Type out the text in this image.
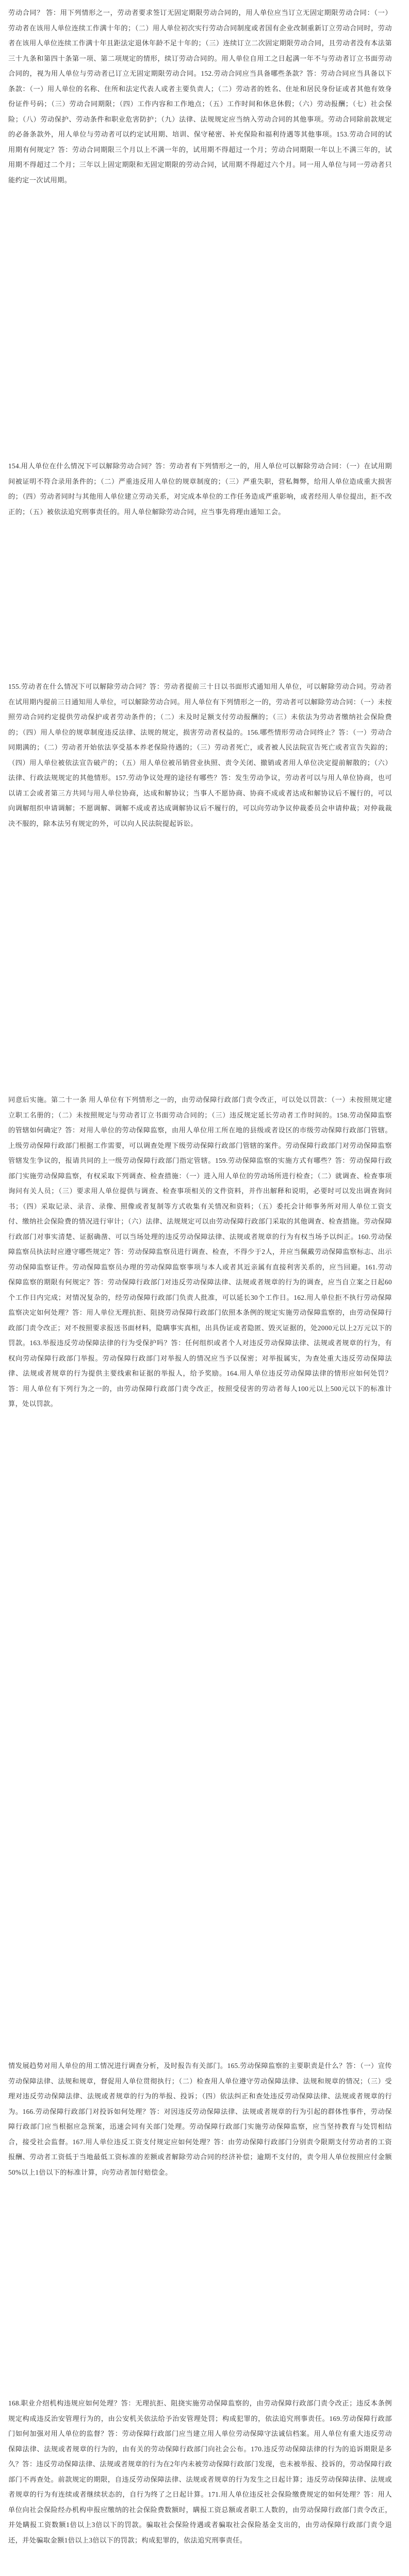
劳动合同？ 答：用下列情形之一，劳动者要求签订无固定期限劳动合同的，用人单位应当订立无固定期限劳动合同：（一）劳动者在该用人单位连续工作满十年的；（二）用人单位初次实行劳动合同制度或者国有企业改制重新订立劳动合同时，劳动者在该用人单位连续工作满十年且距法定退休年龄不足十年的；（三）连续订立二次固定期限劳动合同，且劳动者没有本法第三十九条和第四十条第一项、第二项规定的情形，续订劳动合同的。用人单位自用工之日起满一年不与劳动者订立书面劳动合同的，视为用人单位与劳动者已订立无固定期限劳动合同。152.劳动合同应当具备哪些条款？答：劳动合同应当具备以下条款：（一）用人单位的名称、住所和法定代表人或者主要负责人；（二）劳动者的姓名、住址和居民身份证或者其他有效身份证件号码；（三）劳动合同期限；（四）工作内容和工作地点；（五）工作时间和休息休假；（六）劳动报酬；（七）社会保险；（八）劳动保护、劳动条件和职业危害防护；（九）法律、法规规定应当纳入劳动合同的其他事项。劳动合同除前款规定的必备条款外，用人单位与劳动者可以约定试用期、培训、保守秘密、补充保险和福利待遇等其他事项。153.劳动合同的试用期有何规定？答：劳动合同期限三个月以上不满一年的，试用期不得超过一个月；劳动合同期限一年以上不满三年的，试用期不得超过二个月；三年以上固定期限和无固定期限的劳动合同，试用期不得超过六个月。同一用人单位与同一劳动者只能约定一次试用期。
154.用人单位在什么情况下可以解除劳动合同？答：劳动者有下列情形之一的，用人单位可以解除劳动合同：（一）在试用期间被证明不符合录用条件的；（二）严重违反用人单位的规章制度的；（三）严重失职，营私舞弊，给用人单位造成重大损害的；（四）劳动者同时与其他用人单位建立劳动关系，对完成本单位的工作任务造成严重影响，或者经用人单位提出，拒不改正的；（五）被依法追究刑事责任的。用人单位解除劳动合同，应当事先将理由通知工会。
155.劳动者在什么情况下可以解除劳动合同？答：劳动者提前三十日以书面形式通知用人单位，可以解除劳动合同。劳动者在试用期内提前三日通知用人单位，可以解除劳动合同。用人单位有下列情形之一的，劳动者可以解除劳动合同：（一）未按照劳动合同约定提供劳动保护或者劳动条件的；（二）未及时足额支付劳动报酬的；（三）未依法为劳动者缴纳社会保险费的；（四）用人单位的规章制度违反法律、法规的规定，损害劳动者权益的。156.哪些情形劳动合同终止？答：（一）劳动合同期满的；（二）劳动者开始依法享受基本养老保险待遇的；（三）劳动者死亡，或者被人民法院宣告死亡或者宣告失踪的；（四）用人单位被依法宣告破产的；（五）用人单位被吊销营业执照、责令关闭、撤销或者用人单位决定提前解散的；（六）法律、行政法规规定的其他情形。157.劳动争议处理的途径有哪些？答：发生劳动争议，劳动者可以与用人单位协商，也可以请工会或者第三方共同与用人单位协商，达成和解协议；当事人不愿协商、协商不成或者达成和解协议后不履行的，可以向调解组织申请调解；不愿调解、调解不成或者达成调解协议后不履行的，可以向劳动争议仲裁委员会申请仲裁；对仲裁裁决不服的，除本法另有规定的外，可以向人民法院提起诉讼。
同意后实施。第二十一条 用人单位有下列情形之一的，由劳动保障行政部门责令改正，可以处以罚款：（一）未按照规定建立职工名册的；（二）未按照规定与劳动者订立书面劳动合同的；（三）违反规定延长劳动者工作时间的。158.劳动保障监察的管辖如何确定？答：对用人单位的劳动保障监察，由用人单位用工所在地的县级或者设区的市级劳动保障行政部门管辖。上级劳动保障行政部门根据工作需要，可以调查处理下级劳动保障行政部门管辖的案件。劳动保障行政部门对劳动保障监察管辖发生争议的，报请共同的上一级劳动保障行政部门指定管辖。159.劳动保障监察的实施方式有哪些？答：劳动保障行政部门实施劳动保障监察，有权采取下列调查、检查措施：（一）进入用人单位的劳动场所进行检查；（二）就调查、检查事项询问有关人员；（三）要求用人单位提供与调查、检查事项相关的文件资料，并作出解释和说明，必要时可以发出调查询问书；（四）采取记录、录音、录像、照像或者复制等方式收集有关情况和资料；（五）委托会计师事务所对用人单位工资支付、缴纳社会保险费的情况进行审计；（六）法律、法规规定可以由劳动保障行政部门采取的其他调查、检查措施。劳动保障行政部门对事实清楚、证据确凿、可以当场处理的违反劳动保障法律、法规或者规章的行为有权当场予以纠正。160.劳动保障监察员执法时应遵守哪些规定？答：劳动保障监察员进行调查、检查，不得少于2人，并应当佩戴劳动保障监察标志、出示劳动保障监察证件。劳动保障监察员办理的劳动保障监察事项与本人或者其近亲属有直接利害关系的，应当回避。161.劳动保障监察的期限有何规定？答：劳动保障行政部门对违反劳动保障法律、法规或者规章的行为的调查，应当自立案之日起60个工作日内完成；对情况复杂的，经劳动保障行政部门负责人批准，可以延长30个工作日。162.用人单位拒不执行劳动保障监察决定如何处理？答：用人单位无理抗拒、阻挠劳动保障行政部门依照本条例的规定实施劳动保障监察的，由劳动保障行政部门责令改正；对不按照要求报送书面材料，隐瞒事实真相，出具伪证或者隐匿、毁灭证据的，处2000元以上2万元以下的罚款。163.举报违反劳动保障法律的行为受保护吗？答：任何组织或者个人对违反劳动保障法律、法规或者规章的行为，有权向劳动保障行政部门举报。劳动保障行政部门对举报人的情况应当予以保密；对举报属实，为查处重大违反劳动保障法律、法规或者规章的行为提供主要线索和证据的举报人，给予奖励。164.用人单位违反劳动保障法律的情形应如何处罚？答：用人单位有下列行为之一的，由劳动保障行政部门责令改正，按照受侵害的劳动者每人100元以上500元以下的标准计算，处以罚款。
情发展趋势对用人单位的用工情况进行调查分析，及时报告有关部门。165.劳动保障监察的主要职责是什么？答：（一）宣传劳动保障法律、法规和规章，督促用人单位贯彻执行；（二）检查用人单位遵守劳动保障法律、法规和规章的情况；（三）受理对违反劳动保障法律、法规或者规章的行为的举报、投诉；（四）依法纠正和查处违反劳动保障法律、法规或者规章的行为。166.劳动保障行政部门对投诉如何处理？答：对因违反劳动保障法律、法规或者规章的行为引起的群体性事件，劳动保障行政部门应当根据应急预案，迅速会同有关部门处理。劳动保障行政部门实施劳动保障监察，应当坚持教育与处罚相结合，接受社会监督。167.用人单位违反工资支付规定应如何处理？答：由劳动保障行政部门分别责令限期支付劳动者的工资报酬、劳动者工资低于当地最低工资标准的差额或者解除劳动合同的经济补偿；逾期不支付的，责令用人单位按照应付金额50%以上1倍以下的标准计算，向劳动者加付赔偿金。
168.职业介绍机构违规应如何处理？答：无理抗拒、阻挠实施劳动保障监察的，由劳动保障行政部门责令改正；违反本条例规定构成违反治安管理行为的，由公安机关依法给予治安管理处罚；构成犯罪的，依法追究刑事责任。169.劳动保障行政部门如何加强对用人单位的监督？答：劳动保障行政部门应当建立用人单位劳动保障守法诚信档案。用人单位有重大违反劳动保障法律、法规或者规章的行为的，由有关的劳动保障行政部门向社会公布。170.违反劳动保障法律的行为的追诉期限是多久？答：违反劳动保障法律、法规或者规章的行为在2年内未被劳动保障行政部门发现，也未被举报、投诉的，劳动保障行政部门不再查处。前款规定的期限，自违反劳动保障法律、法规或者规章的行为发生之日起计算；违反劳动保障法律、法规或者规章的行为有连续或者继续状态的，自行为终了之日起计算。171.用人单位违反社会保险缴费规定的如何处理？答：用人单位向社会保险经办机构申报应缴纳的社会保险费数额时，瞒报工资总额或者职工人数的，由劳动保障行政部门责令改正，并处瞒报工资数额1倍以上3倍以下的罚款。骗取社会保险待遇或者骗取社会保险基金支出的，由劳动保障行政部门责令退还，并处骗取金额1倍以上3倍以下的罚款；构成犯罪的，依法追究刑事责任。
